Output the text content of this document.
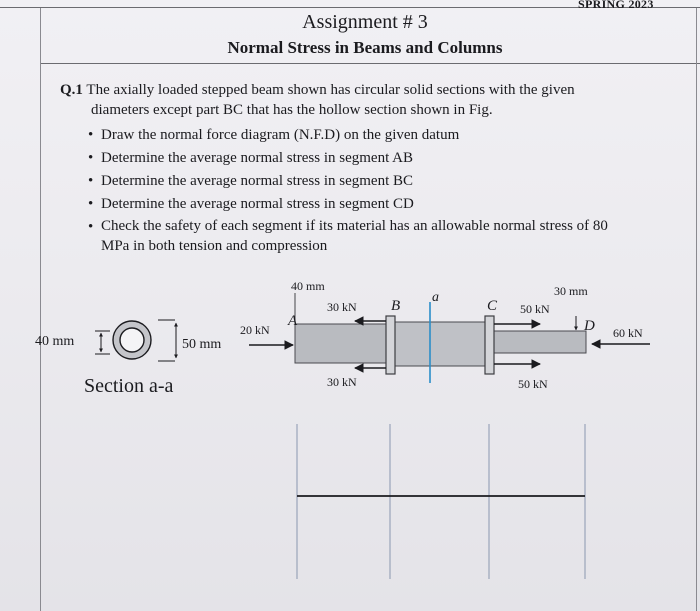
SPRING 2023
Assignment # 3
Normal Stress in Beams and Columns
Q.1 The axially loaded stepped beam shown has circular solid sections with the given
diameters except part BC that has the hollow section shown in Fig.
• Draw the normal force diagram (N.F.D) on the given datum
• Determine the average normal stress in segment AB
• Determine the average normal stress in segment BC
• Determine the average normal stress in segment CD
• Check the safety of each segment if its material has an allowable normal stress of 80
MPa in both tension and compression
40 mm	50 mm
Section a-a
40 mm	30 mm
A
B
a
C
D
20 kN
30 kN
30 kN
50 kN
50 kN
60 kN
